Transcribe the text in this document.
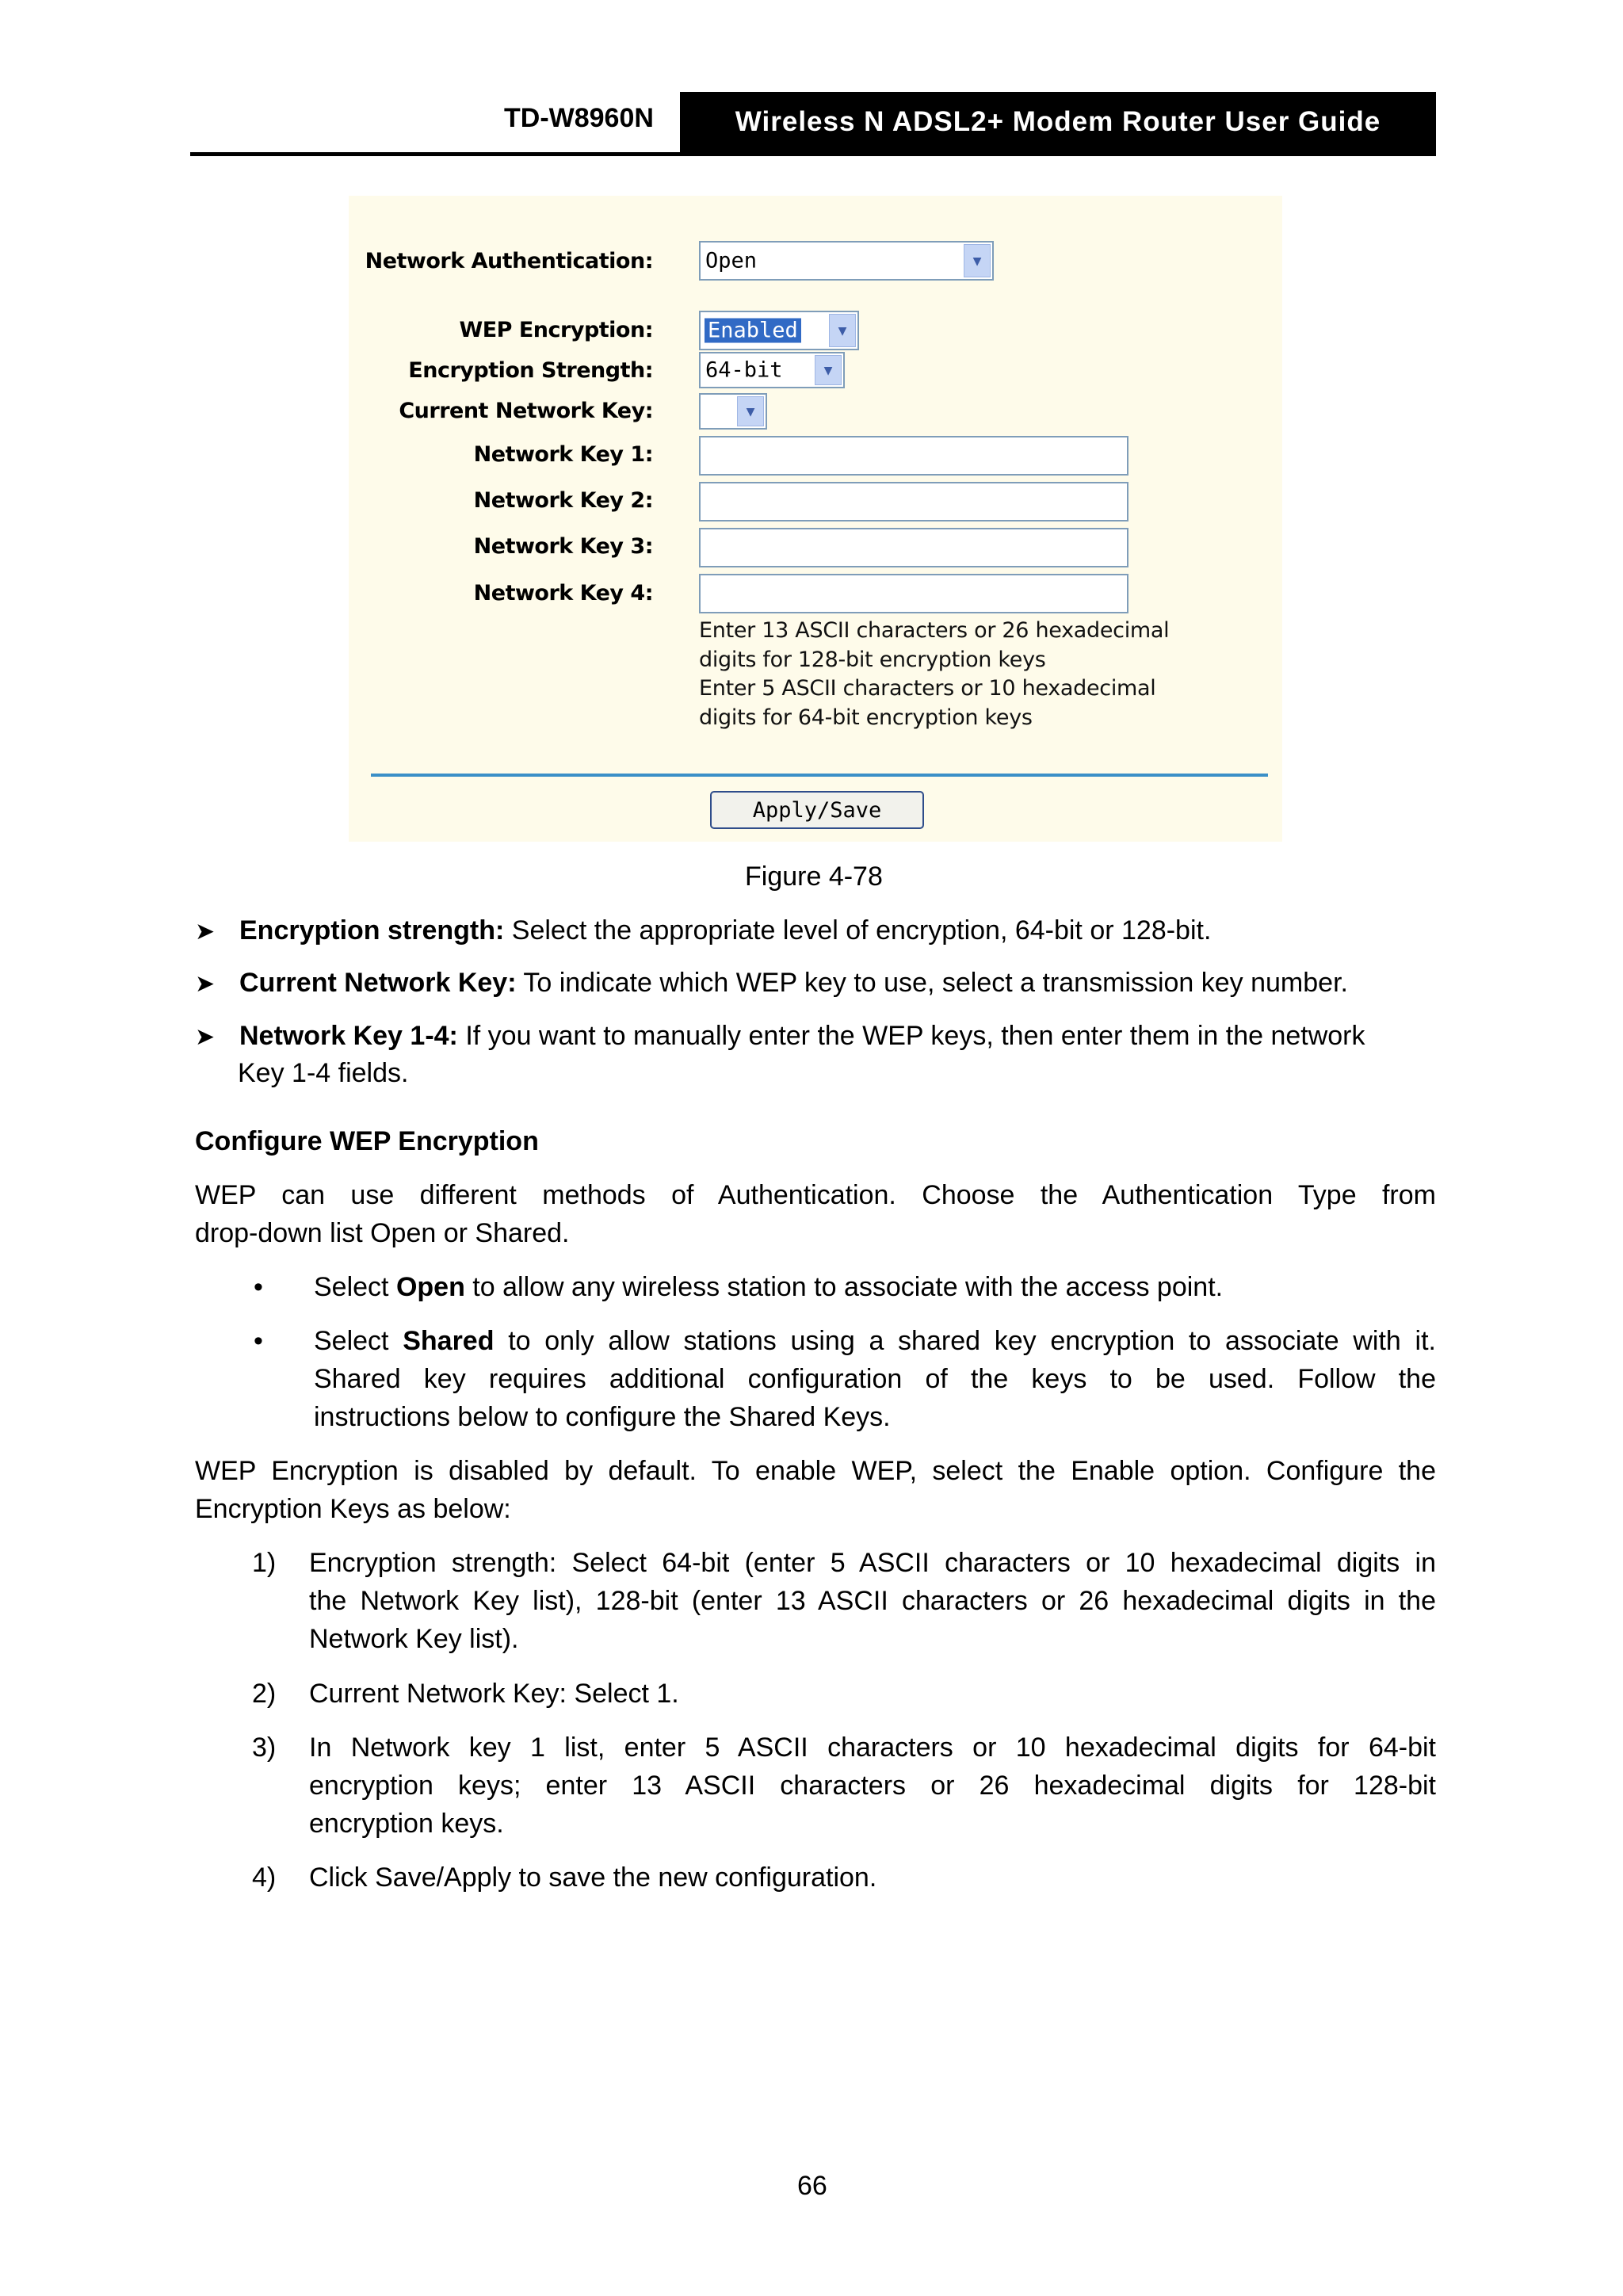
TD-W8960N	Wireless N ADSL2+ Modem Router User Guide
Network Authentication: Open	▼
WEP Encryption:	Enabled	▼
Encryption Strength: 64-bit	▼
Current Network Key:	▼
Network Key 1:
Network Key 2:
Network Key 3:
Network Key 4:
Enter 13 ASCII characters or 26 hexadecimal
digits for 128-bit encryption keys
Enter 5 ASCII characters or 10 hexadecimal
digits for 64-bit encryption keys
Apply/Save
Figure 4-78
➤ Encryption strength: Select the appropriate level of encryption, 64-bit or 128-bit.
➤ Current Network Key: To indicate which WEP key to use, select a transmission key number.
➤ Network Key 1-4: If you want to manually enter the WEP keys, then enter them in the network
Key 1-4 fields.
Configure WEP Encryption
WEP can use different methods of Authentication. Choose the Authentication Type from
drop-down list Open or Shared.
• Select Open to allow any wireless station to associate with the access point.
• Select Shared to only allow stations using a shared key encryption to associate with it.
Shared key requires additional configuration of the keys to be used. Follow the
instructions below to configure the Shared Keys.
WEP Encryption is disabled by default. To enable WEP, select the Enable option. Configure the
Encryption Keys as below:
1) Encryption strength: Select 64-bit (enter 5 ASCII characters or 10 hexadecimal digits in
the Network Key list), 128-bit (enter 13 ASCII characters or 26 hexadecimal digits in the
Network Key list).
2) Current Network Key: Select 1.
3) In Network key 1 list, enter 5 ASCII characters or 10 hexadecimal digits for 64-bit
encryption keys; enter 13 ASCII characters or 26 hexadecimal digits for 128-bit
encryption keys.
4) Click Save/Apply to save the new configuration.
66
